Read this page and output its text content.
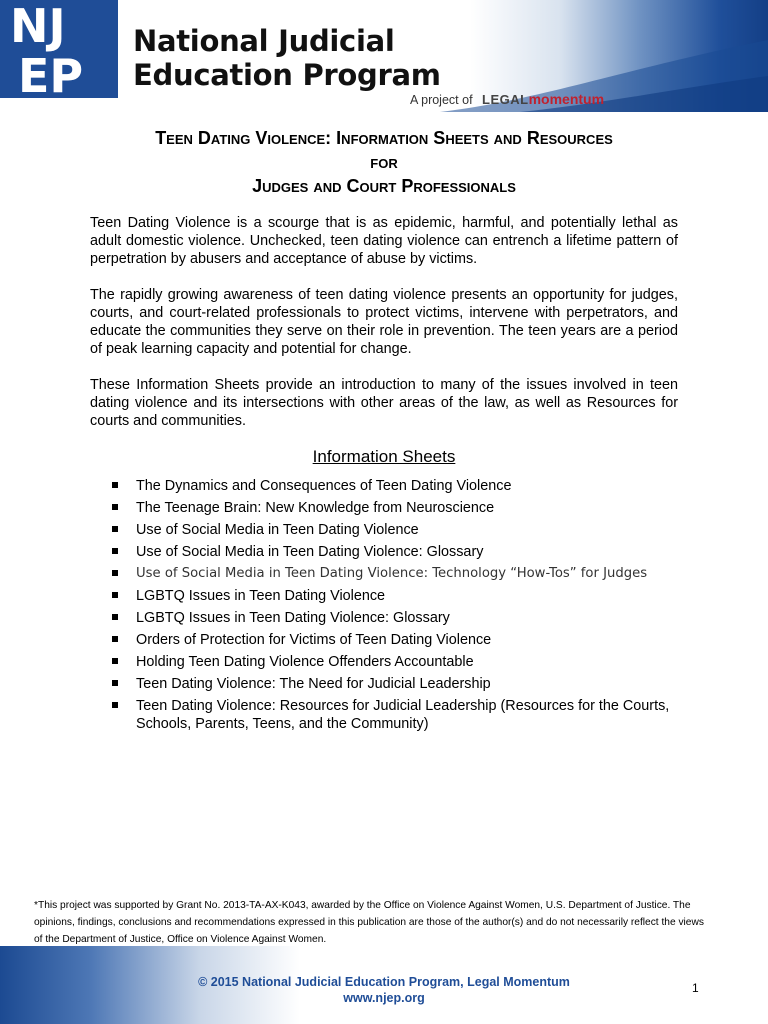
NJ
EP
National Judicial
Education Program
A project of LEGALmomentum
Teen Dating Violence: Information Sheets and Resources
for
Judges and Court Professionals

Teen Dating Violence is a scourge that is as epidemic, harmful, and potentially lethal as adult domestic violence. Unchecked, teen dating violence can entrench a lifetime pattern of perpetration by abusers and acceptance of abuse by victims.

The rapidly growing awareness of teen dating violence presents an opportunity for judges, courts, and court-related professionals to protect victims, intervene with perpetrators, and educate the communities they serve on their role in prevention. The teen years are a period of peak learning capacity and potential for change.

These Information Sheets provide an introduction to many of the issues involved in teen dating violence and its intersections with other areas of the law, as well as Resources for courts and communities.

Information Sheets
The Dynamics and Consequences of Teen Dating Violence
The Teenage Brain: New Knowledge from Neuroscience
Use of Social Media in Teen Dating Violence
Use of Social Media in Teen Dating Violence: Glossary
Use of Social Media in Teen Dating Violence: Technology “How-Tos” for Judges
LGBTQ Issues in Teen Dating Violence
LGBTQ Issues in Teen Dating Violence: Glossary
Orders of Protection for Victims of Teen Dating Violence
Holding Teen Dating Violence Offenders Accountable
Teen Dating Violence: The Need for Judicial Leadership
Teen Dating Violence: Resources for Judicial Leadership (Resources for the Courts, Schools, Parents, Teens, and the Community)
*This project was supported by Grant No. 2013-TA-AX-K043, awarded by the Office on Violence Against Women, U.S. Department of Justice. The opinions, findings, conclusions and recommendations expressed in this publication are those of the author(s) and do not necessarily reflect the views of the Department of Justice, Office on Violence Against Women.
© 2015 National Judicial Education Program, Legal Momentum
www.njep.org
1
